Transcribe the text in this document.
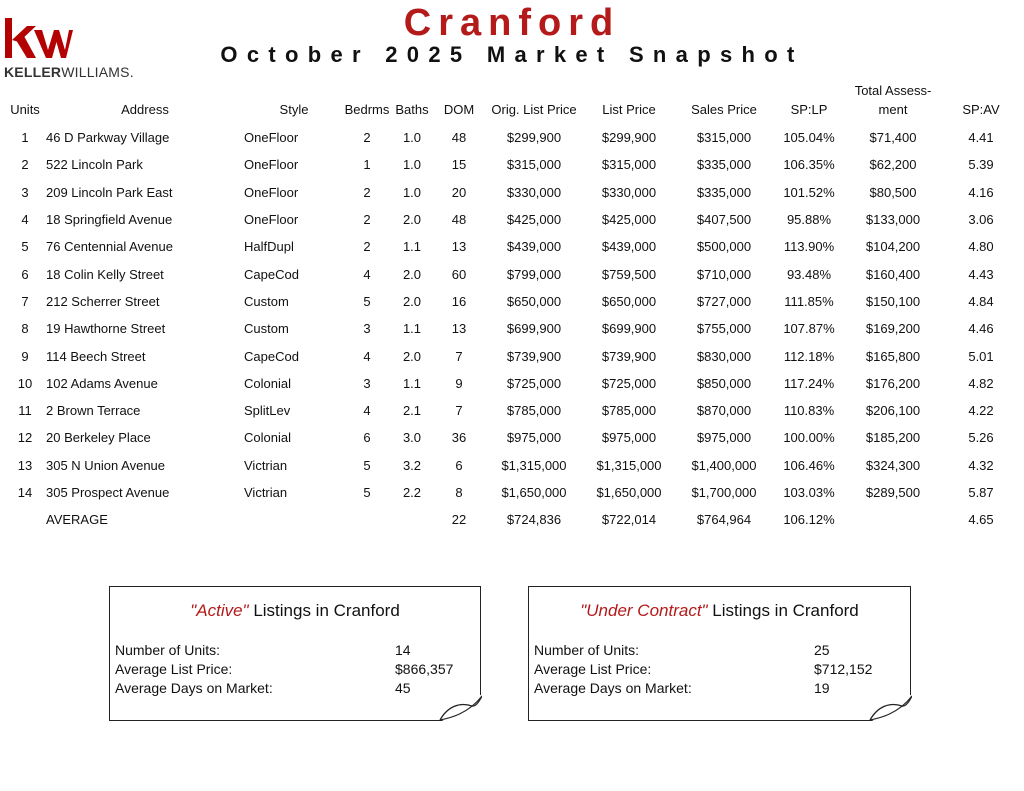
KELLERWILLIAMS.
Cranford
October 2025 Market Snapshot
Units	Address	Style	Bedrms	Baths	DOM	Orig. List Price	List Price	Sales Price	SP:LP	Total Assess-ment	SP:AV
1	46 D Parkway Village	OneFloor	2	1.0	48	$299,900	$299,900	$315,000	105.04%	$71,400	4.41
2	522 Lincoln Park	OneFloor	1	1.0	15	$315,000	$315,000	$335,000	106.35%	$62,200	5.39
3	209 Lincoln Park East	OneFloor	2	1.0	20	$330,000	$330,000	$335,000	101.52%	$80,500	4.16
4	18 Springfield Avenue	OneFloor	2	2.0	48	$425,000	$425,000	$407,500	95.88%	$133,000	3.06
5	76 Centennial Avenue	HalfDupl	2	1.1	13	$439,000	$439,000	$500,000	113.90%	$104,200	4.80
6	18 Colin Kelly Street	CapeCod	4	2.0	60	$799,000	$759,500	$710,000	93.48%	$160,400	4.43
7	212 Scherrer Street	Custom	5	2.0	16	$650,000	$650,000	$727,000	111.85%	$150,100	4.84
8	19 Hawthorne Street	Custom	3	1.1	13	$699,900	$699,900	$755,000	107.87%	$169,200	4.46
9	114 Beech Street	CapeCod	4	2.0	7	$739,900	$739,900	$830,000	112.18%	$165,800	5.01
10	102 Adams Avenue	Colonial	3	1.1	9	$725,000	$725,000	$850,000	117.24%	$176,200	4.82
11	2 Brown Terrace	SplitLev	4	2.1	7	$785,000	$785,000	$870,000	110.83%	$206,100	4.22
12	20 Berkeley Place	Colonial	6	3.0	36	$975,000	$975,000	$975,000	100.00%	$185,200	5.26
13	305 N Union Avenue	Victrian	5	3.2	6	$1,315,000	$1,315,000	$1,400,000	106.46%	$324,300	4.32
14	305 Prospect Avenue	Victrian	5	2.2	8	$1,650,000	$1,650,000	$1,700,000	103.03%	$289,500	5.87
	AVERAGE				22	$724,836	$722,014	$764,964	106.12%		4.65
"Active" Listings in Cranford
Number of Units:	14
Average List Price:	$866,357
Average Days on Market:	45
"Under Contract" Listings in Cranford
Number of Units:	25
Average List Price:	$712,152
Average Days on Market:	19
